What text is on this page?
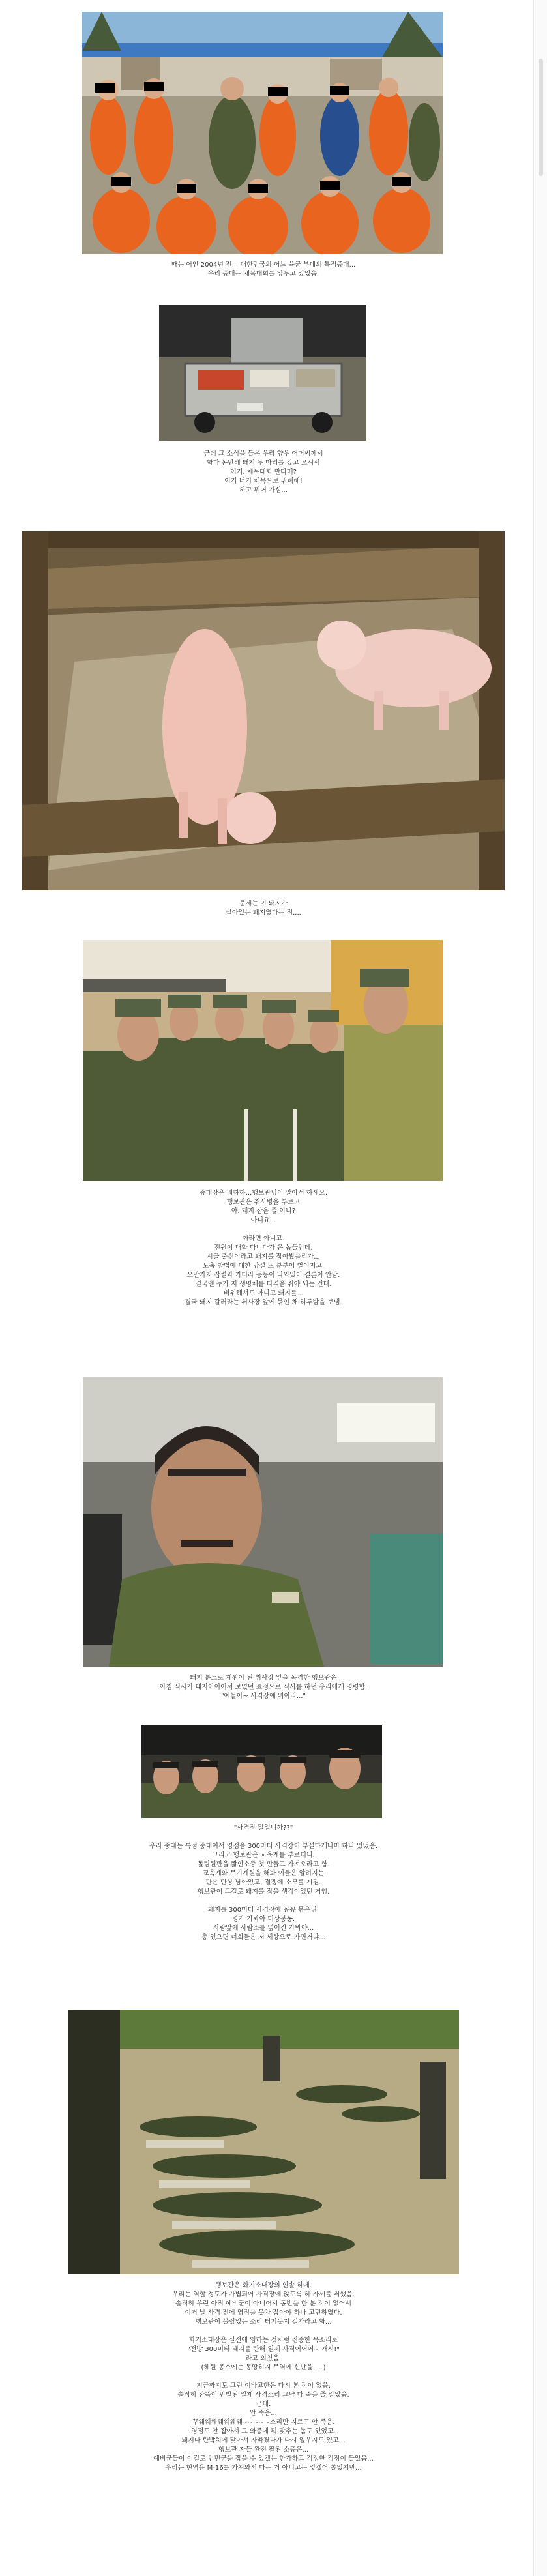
때는 어언 2004년 전... 대한민국의 어느 육군 부대의 특점중대...
우리 중대는 채목대회를 앞두고 있었음.
근데 그 소식을 들은 우리 향우 어머씨께서
함마 돈만해 돼지 두 마리를 갔고 오셔서
이거. 체목대회 반다메?
이거 너거 체목으로 뭐해해!
하고 뭐어 가심...
문제는 이 돼지가
살아있는 돼지였다는 점....
중대장은 뭐하하...행보관님이 알아서 하세요.
행보관은 취사병을 부르고
야. 돼지 잡을 줄 아나?
아니요...
까라면 아니고.
전원이 대학 다니다가 온 놈들인데.
시골 출신이라고 돼지를 잡아봤을리가...
도축 방법에 대한 낭설 또 분분이 벌어지고.
오만가지 잡썰과 카더라 등등이 나와있어 결론이 안남.
결국엔 누가 저 생명체를 타격을 줘야 되는 건데.
비위해서도 아니고 돼지를...
결국 돼지 갈러라는 취사장 앞에 묶인 채 하루밤을 보냄.
돼지 분노로 계쩐이 된 취사장 앞을 목격한 행보관은
아침 식사가 대지이이어서 보였던 표정으로 식사를 하던 우리에게 명령함.
"예들아~ 사격장에 뭐아라..."
"사격장 말입니까??"
우리 중대는 특점 중대여서 영점을 300미터 사격장이 부설하게나마 하나 있었음.
그리고 행보관은 교육계를 부르더니.
돌림원판을 짧인소중 첫 만들고 가져오라고 함.
교육계와 무기계원을 해봐 이들은 알려지는
탄은 탄상 남아있고, 결쟁에 소모를 시킴.
행보관이 그걸로 돼지를 잡을 생각이었던 거임.
돼지를 300미터 사격장에 꽁꽁 묶은뒤.
병가 가봐야 미상봉동.
사람앞에 사람소를 엎어진 가봐야...
총 있으면 너희들은 저 세상으로 가면거냐...
행보관은 화기소대장의 인솔 하에.
우리는 역할 정도가 가볍되어 사격장에 앉도록 하 자세를 취했음.
솔직히 우린 아직 예비군이 아니어서 동반을 한 분 적이 없어서
이거 날 사격 전에 영점을 못차 잡아야 하나 고민하였다.
행보관이 불렀었는 소리 터지듯지 걸가라고 함...
화기소대장은 실전에 임하는 것처럼 진중한 목소리로
"전방 300미터 돼지를 탄해 일제 사격어어어~ 개시!"
라고 외쳤음.
(헤원 몽소에는 몽땅히지 무역에 신난을.....)
지금까지도 그런 이바고한은 다시 본 적이 없음.
솔직히 잔뜩이 만발된 일제 사격소리 그냥 다 죽을 줄 알았음.
근데.
안 죽음...
꾸웨웨웨웨웨웨웨~~~~~소리만 지르고 안 죽음.
영점도 안 잡아서 그 와중에 뭐 맞추는 놈도 있었고.
돼지나 탄박치에 맞아서 자빠졌다가 다시 엎우지도 있고...
행보관 자들 완전 팔된 소총은...
예비군들이 이걸로 인민군을 잡을 수 있겠는 한가하고 걱정한 걱정이 들었음...
우리는 현역용 M-16를 가져와서 다는 거 아니고는 잊겠어 쏠었지만...
